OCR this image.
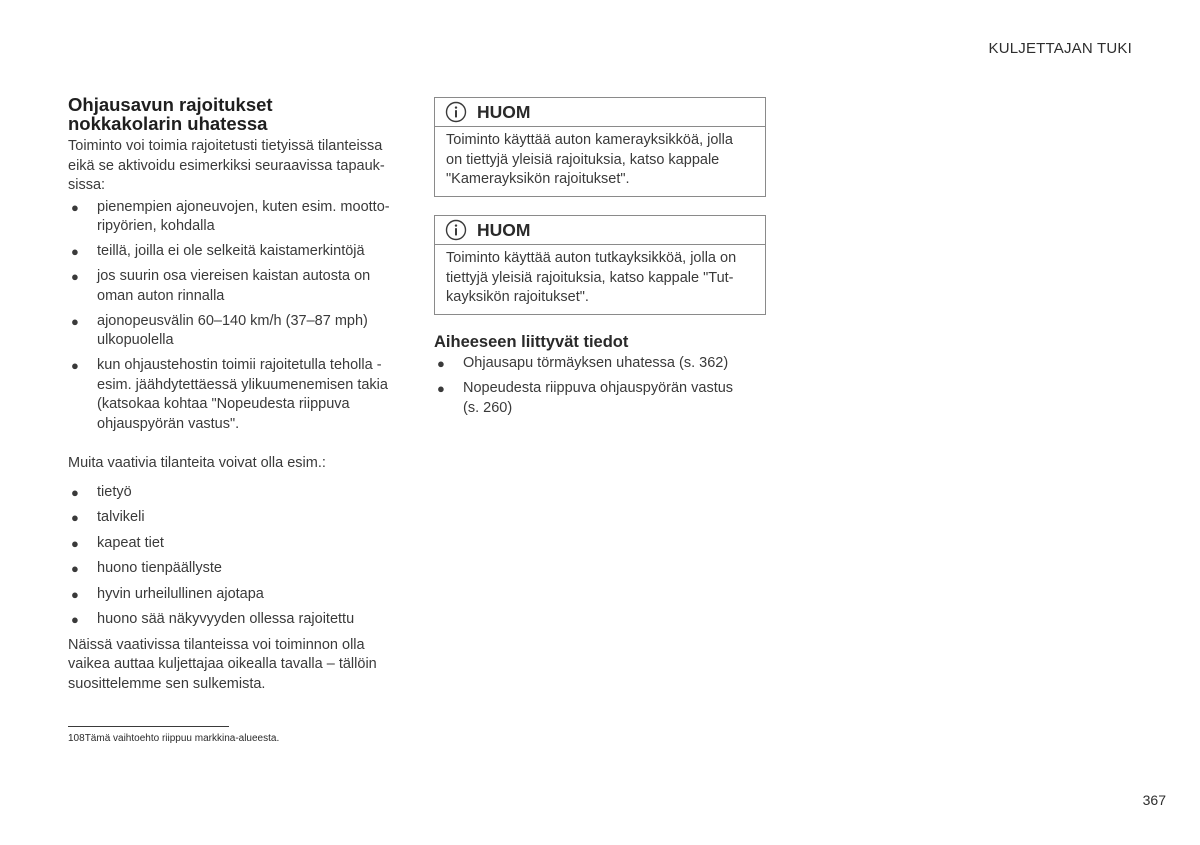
KULJETTAJAN TUKI
Ohjausavun rajoitukset
nokkakolarin uhatessa

Toiminto voi toimia rajoitetusti tietyissä tilanteissa
eikä se aktivoidu esimerkiksi seuraavissa tapauk-
sissa:

● pienempien ajoneuvojen, kuten esim. mootto-
ripyörien, kohdalla
● teillä, joilla ei ole selkeitä kaistamerkintöjä
● jos suurin osa viereisen kaistan autosta on
oman auton rinnalla
● ajonopeusvälin 60–140 km/h (37–87 mph)
ulkopuolella
● kun ohjaustehostin toimii rajoitetulla teholla -
esim. jäähdytettäessä ylikuumenemisen takia
(katsokaa kohtaa "Nopeudesta riippuva
ohjauspyörän vastus".

Muita vaativia tilanteita voivat olla esim.:

● tietyö
● talvikeli
● kapeat tiet
● huono tienpäällyste
● hyvin urheilullinen ajotapa
● huono sää näkyvyyden ollessa rajoitettu

Näissä vaativissa tilanteissa voi toiminnon olla
vaikea auttaa kuljettajaa oikealla tavalla – tällöin
suosittelemme sen sulkemista.

HUOM
Toiminto käyttää auton kamerayksikköä, jolla
on tiettyjä yleisiä rajoituksia, katso kappale
"Kamerayksikön rajoitukset".
HUOM
Toiminto käyttää auton tutkayksikköä, jolla on
tiettyjä yleisiä rajoituksia, katso kappale "Tut-
kayksikön rajoitukset".
Aiheeseen liittyvät tiedot
● Ohjausapu törmäyksen uhatessa (s. 362)
● Nopeudesta riippuva ohjauspyörän vastus
(s. 260)
108Tämä vaihtoehto riippuu markkina-alueesta.
367
